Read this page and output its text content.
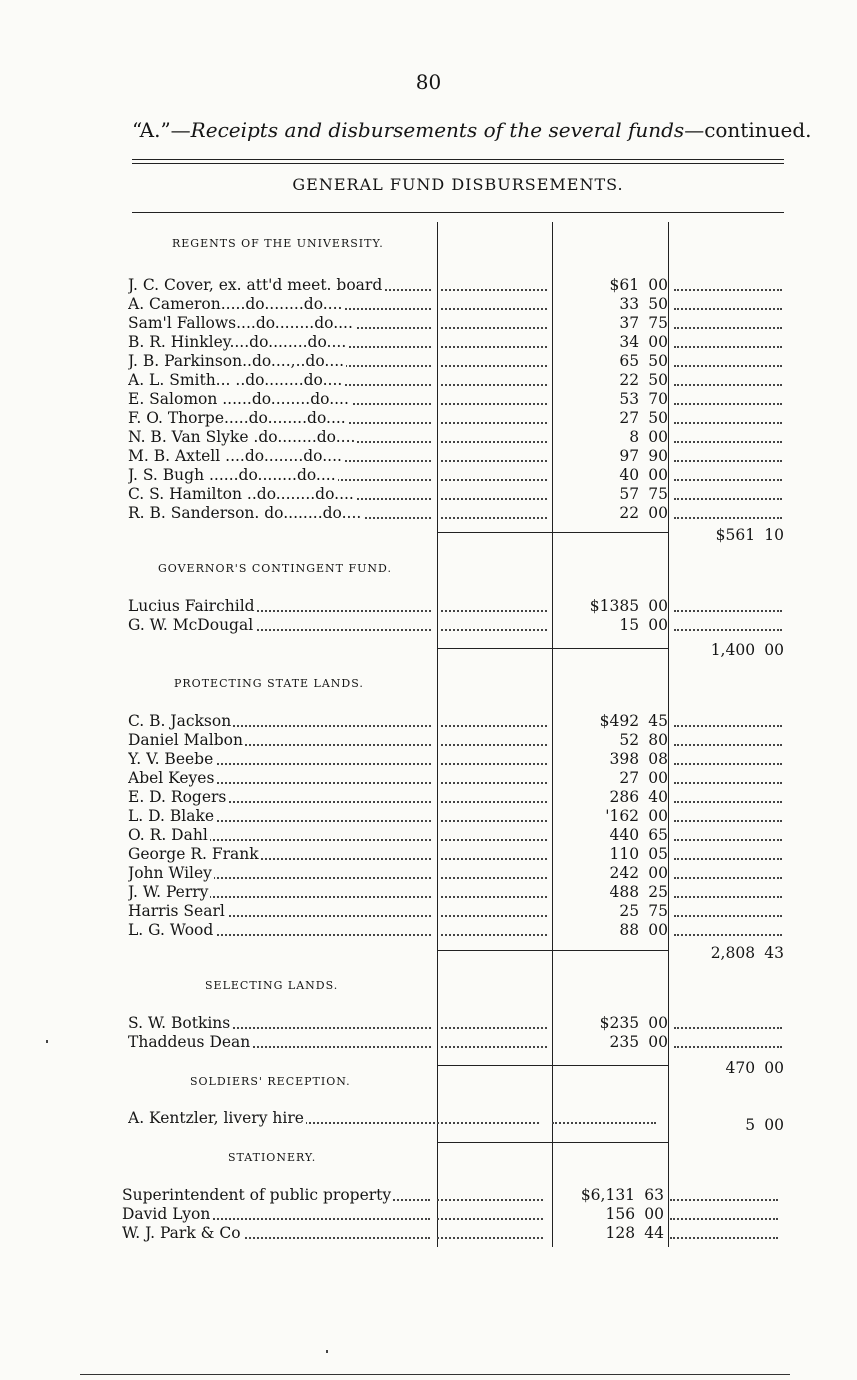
80
“A.”—Receipts and disbursements of the several funds—continued.
GENERAL FUND DISBURSEMENTS.
REGENTS OF THE UNIVERSITY.
J. C. Cover, ex. att'd meet. board	$61 00
A. Cameron.....do........do....	33 50
Sam'l Fallows....do........do....	37 75
B. R. Hinkley....do........do....	34 00
J. B. Parkinson..do....,..do....	65 50
A. L. Smith... ..do........do....	22 50
E. Salomon ......do........do....	53 70
F. O. Thorpe.....do........do....	27 50
N. B. Van Slyke .do........do....	8 00
M. B. Axtell ....do........do....	97 90
J. S. Bugh ......do........do....	40 00
C. S. Hamilton ..do........do....	57 75
R. B. Sanderson. do........do....	22 00
$561 10
GOVERNOR'S CONTINGENT FUND.
Lucius Fairchild	$1385 00
G. W. McDougal	15 00
1,400 00
PROTECTING STATE LANDS.
C. B. Jackson	$492 45
Daniel Malbon	52 80
Y. V. Beebe	398 08
Abel Keyes	27 00
E. D. Rogers	286 40
L. D. Blake	'162 00
O. R. Dahl	440 65
George R. Frank	110 05
John Wiley	242 00
J. W. Perry	488 25
Harris Searl	25 75
L. G. Wood	88 00
2,808 43
SELECTING LANDS.
S. W. Botkins	$235 00
Thaddeus Dean	235 00
470 00
SOLDIERS' RECEPTION.
A. Kentzler, livery hire	5 00
STATIONERY.
Superintendent of public property	$6,131 63
David Lyon	156 00
W. J. Park & Co	128 44
